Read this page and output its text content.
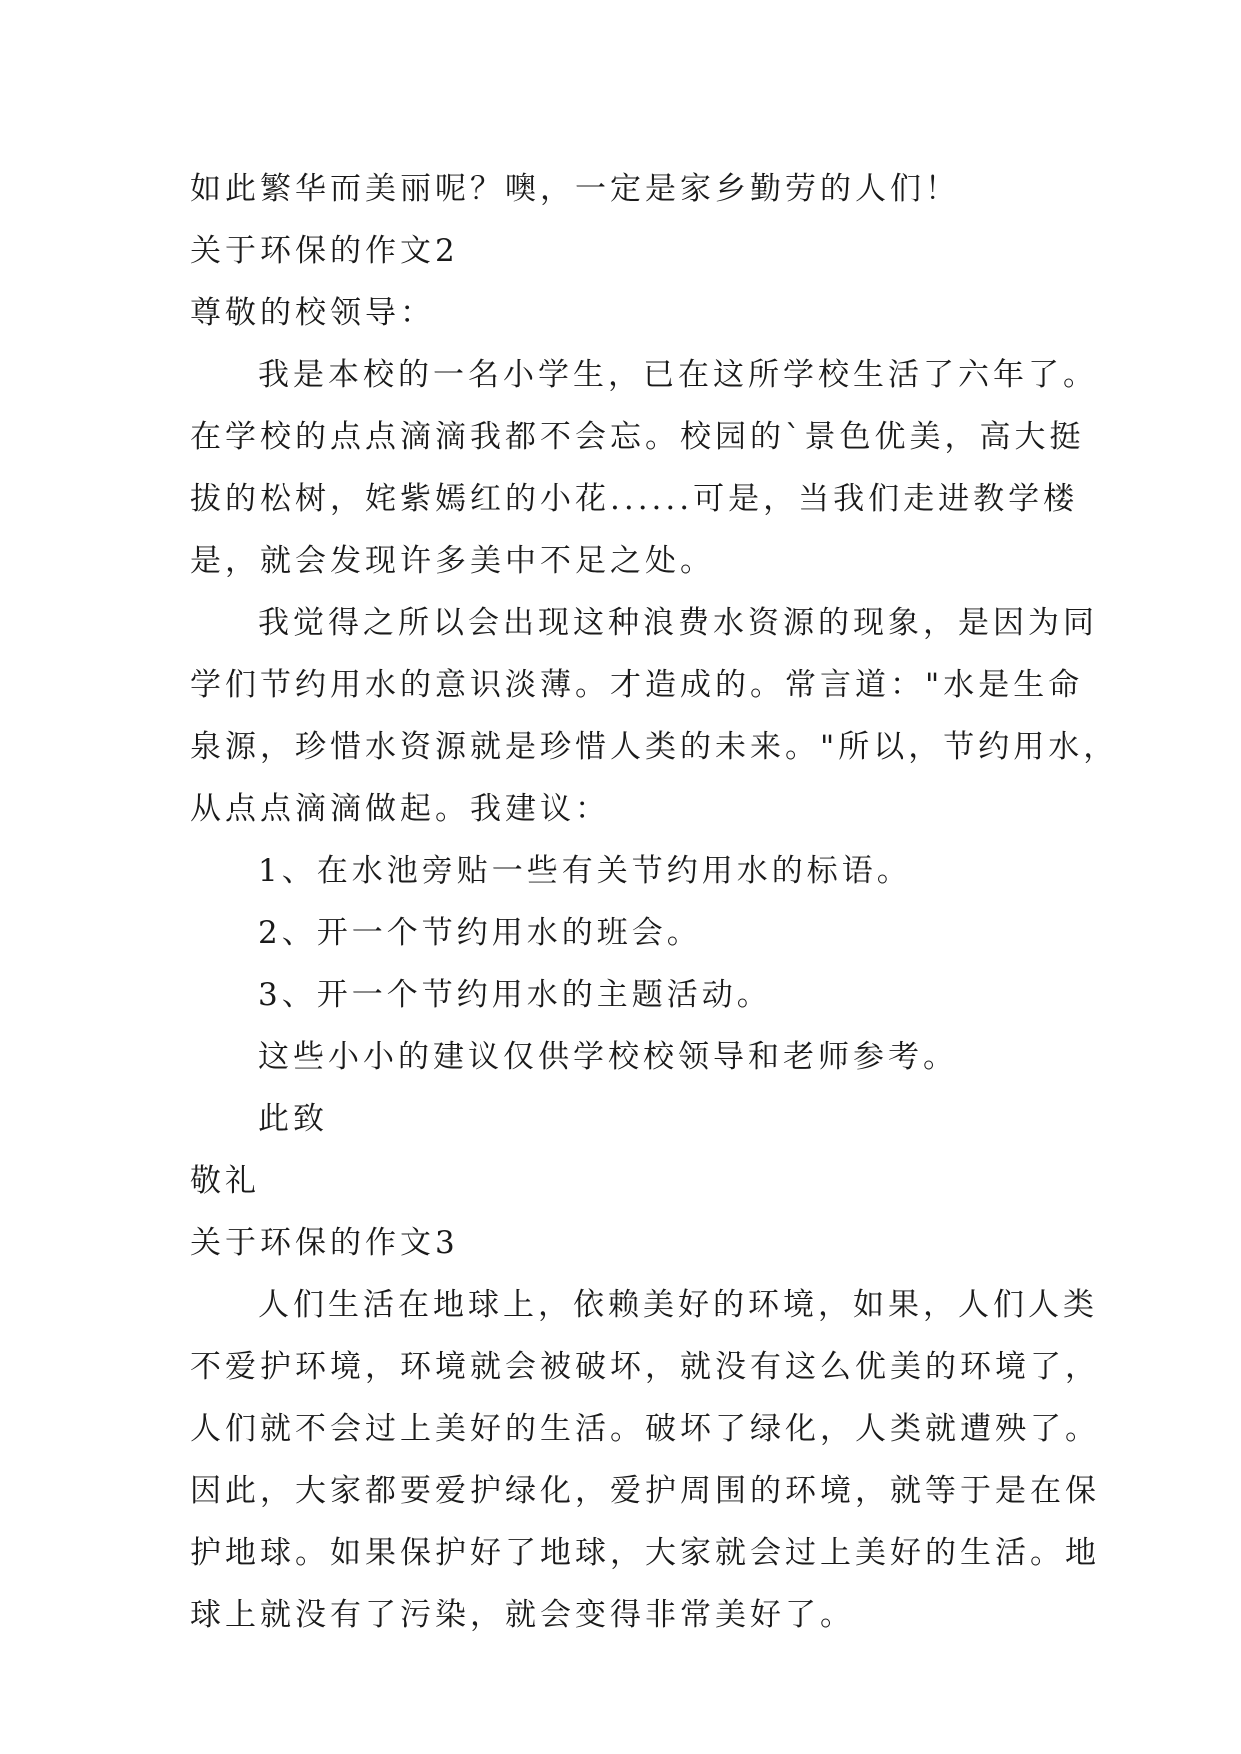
如此繁华而美丽呢？噢，一定是家乡勤劳的人们！
关于环保的作文2
尊敬的校领导：
我是本校的一名小学生，已在这所学校生活了六年了。
在学校的点点滴滴我都不会忘。校园的`景色优美，高大挺
拔的松树，姹紫嫣红的小花......可是，当我们走进教学楼
是，就会发现许多美中不足之处。
我觉得之所以会出现这种浪费水资源的现象，是因为同
学们节约用水的意识淡薄。才造成的。常言道："水是生命
泉源，珍惜水资源就是珍惜人类的未来。"所以，节约用水，
从点点滴滴做起。我建议：
1、在水池旁贴一些有关节约用水的标语。
2、开一个节约用水的班会。
3、开一个节约用水的主题活动。
这些小小的建议仅供学校校领导和老师参考。
此致
敬礼
关于环保的作文3
人们生活在地球上，依赖美好的环境，如果，人们人类
不爱护环境，环境就会被破坏，就没有这么优美的环境了，
人们就不会过上美好的生活。破坏了绿化，人类就遭殃了。
因此，大家都要爱护绿化，爱护周围的环境，就等于是在保
护地球。如果保护好了地球，大家就会过上美好的生活。地
球上就没有了污染，就会变得非常美好了。
